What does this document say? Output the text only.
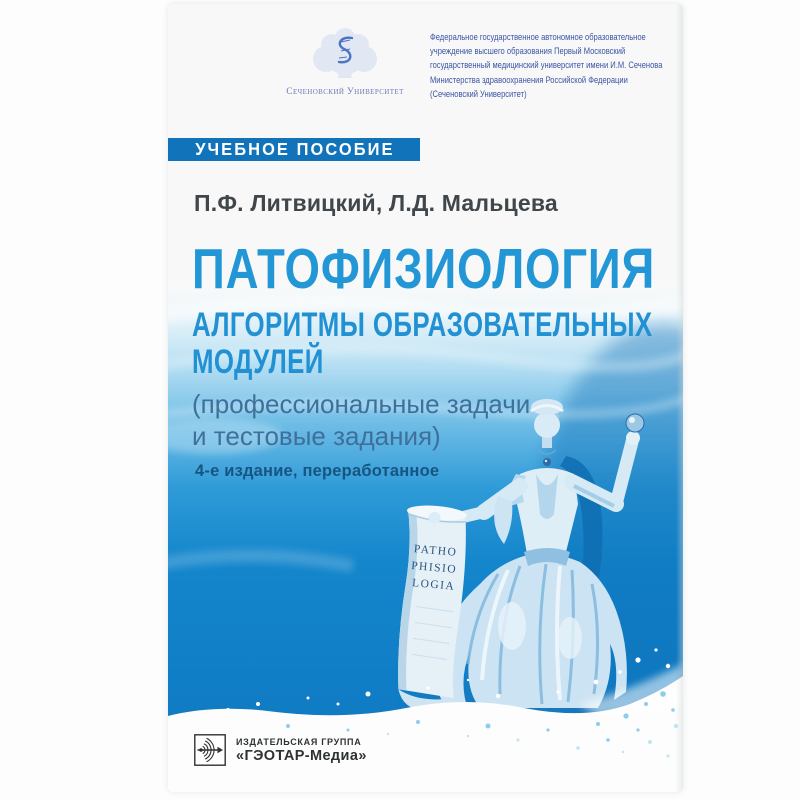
PATHO
PHISIO
LOGIA
Сеченовский Университет
Федеральное государственное автономное образовательное
учреждение высшего образования Первый Московский
государственный медицинский университет имени И.М. Сеченова
Министерства здравоохранения Российской Федерации
(Сеченовский Университет)
УЧЕБНОЕ ПОСОБИЕ
П.Ф. Литвицкий, Л.Д. Мальцева
ПАТОФИЗИОЛОГИЯ
АЛГОРИТМЫ ОБРАЗОВАТЕЛЬНЫХ
МОДУЛЕЙ
(профессиональные задачи
и тестовые задания)
4-е издание, переработанное
ИЗДАТЕЛЬСКАЯ ГРУППА
«ГЭОТАР-Медиа»
